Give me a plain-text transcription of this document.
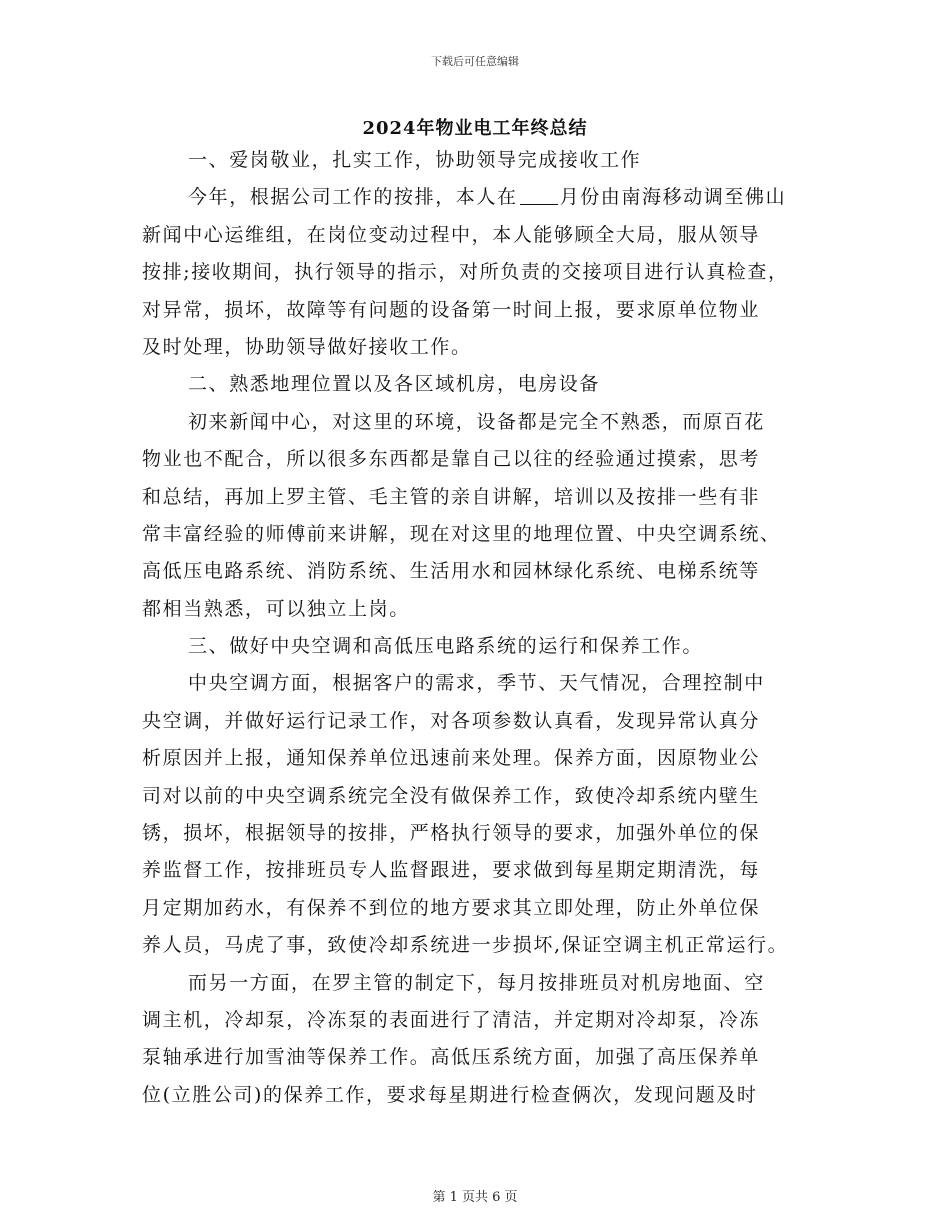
下载后可任意编辑
2024年物业电工年终总结
一、爱岗敬业，扎实工作，协助领导完成接收工作
今年，根据公司工作的按排，本人在 月份由南海移动调至佛山
新闻中心运维组，在岗位变动过程中，本人能够顾全大局，服从领导
按排;接收期间，执行领导的指示，对所负责的交接项目进行认真检查，
对异常，损坏，故障等有问题的设备第一时间上报，要求原单位物业
及时处理，协助领导做好接收工作。
二、熟悉地理位置以及各区域机房，电房设备
初来新闻中心，对这里的环境，设备都是完全不熟悉，而原百花
物业也不配合，所以很多东西都是靠自己以往的经验通过摸索，思考
和总结，再加上罗主管、毛主管的亲自讲解，培训以及按排一些有非
常丰富经验的师傅前来讲解，现在对这里的地理位置、中央空调系统、
高低压电路系统、消防系统、生活用水和园林绿化系统、电梯系统等
都相当熟悉，可以独立上岗。
三、做好中央空调和高低压电路系统的运行和保养工作。
中央空调方面，根据客户的需求，季节、天气情况，合理控制中
央空调，并做好运行记录工作，对各项参数认真看，发现异常认真分
析原因并上报，通知保养单位迅速前来处理。保养方面，因原物业公
司对以前的中央空调系统完全没有做保养工作，致使冷却系统内壁生
锈，损坏，根据领导的按排，严格执行领导的要求，加强外单位的保
养监督工作，按排班员专人监督跟进，要求做到每星期定期清洗，每
月定期加药水，有保养不到位的地方要求其立即处理，防止外单位保
养人员，马虎了事，致使冷却系统进一步损坏,保证空调主机正常运行。
而另一方面，在罗主管的制定下，每月按排班员对机房地面、空
调主机，冷却泵，冷冻泵的表面进行了清洁，并定期对冷却泵，冷冻
泵轴承进行加雪油等保养工作。高低压系统方面，加强了高压保养单
位(立胜公司)的保养工作，要求每星期进行检查俩次，发现问题及时
第 1 页共 6 页
